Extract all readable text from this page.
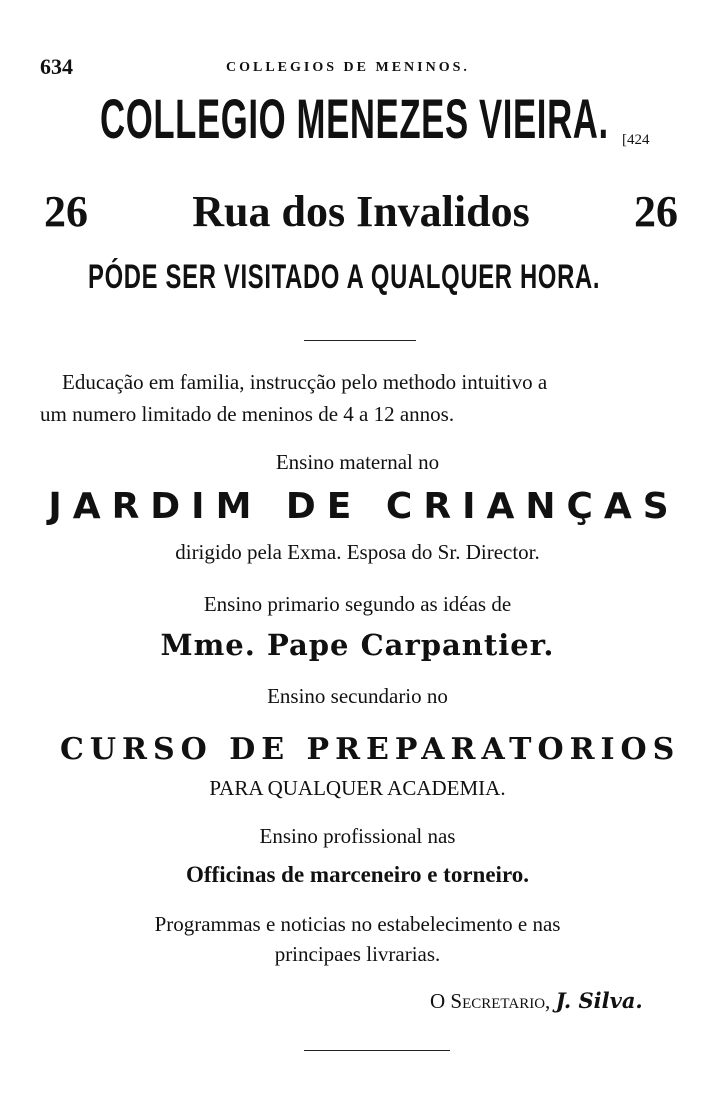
634	COLLEGIOS DE MENINOS.
COLLEGIO MENEZES VIEIRA. [424
26 Rua dos Invalidos 26
PÓDE SER VISITADO A QUALQUER HORA.
Educação em familia, instrucção pelo methodo intuitivo a
um numero limitado de meninos de 4 a 12 annos.
Ensino maternal no
JARDIM DE CRIANÇAS
dirigido pela Exma. Esposa do Sr. Director.
Ensino primario segundo as idéas de
Mme. Pape Carpantier.
Ensino secundario no
CURSO DE PREPARATORIOS
PARA QUALQUER ACADEMIA.
Ensino profissional nas
Officinas de marceneiro e torneiro.
Programmas e noticias no estabelecimento e nas
principaes livrarias.
O Secretario, J. Silva.
